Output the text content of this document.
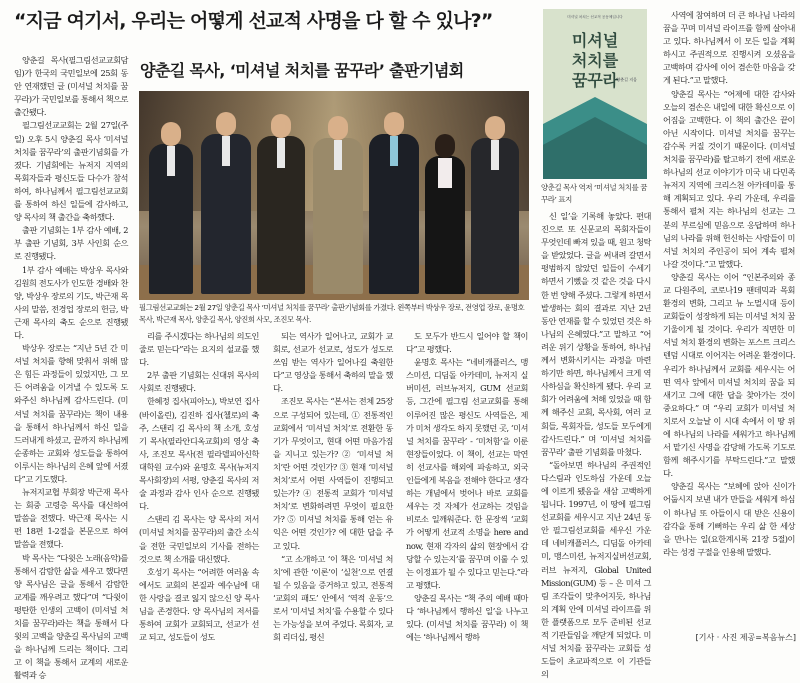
“지금 여기서, 우리는 어떻게 선교적 사명을 다 할 수 있나?”
양춘길 목사, ‘미셔널 처치를 꿈꾸라’ 출판기념회

양춘길 목사(필그림선교교회담임)가 한국의 국민일보에 25회 동안 연재했던 글 (미셔널 처치를 꿈꾸라)가 국민일보를 통해서 책으로 출간됐다.

필그림선교교회는 2월 27일(주일) 오후 5시 양춘길 목사 ‘미셔널 처치를 꿈꾸라’의 출판기념회를 가졌다. 기념회에는 뉴저지 지역의 목회자들과 평신도들 다수가 참석하여, 하나님께서 필그림선교교회를 통하여 하신 일들에 감사하고, 양 목사의 책 출간을 축하했다.

출판 기념회는 1부 감사 예배, 2부 출판 기념회, 3부 사인회 순으로 진행됐다.

1부 감사 예배는 박상우 목사와 김원희 전도사가 인도한 경배와 찬양, 박상우 장로의 기도, 박근재 목사의 말씀, 전경업 장로의 헌금, 박근재 목사의 축도 순으로 진행됐다.

박상우 장로는 “지난 5년 간 미셔널 처치를 향해 맞춰서 위해 많은 힘든 과정들이 있었지만, 그 모든 어려움을 이겨낼 수 있도록 도와주신 하나님께 감사드린다. (미셔널 처치를 꿈꾸라)는 책이 내용을 통해서 하나님께서 하신 일을 드러내게 하셨고, 끝까지 하나님께 순종하는 교회와 성도들을 통하여 이루시는 하나님의 은혜 앞에 서졌다”고 기도했다.

뉴저지교협 부회장 박근재 목사는 회중 고령층 목사를 대신하여 말씀을 전했다. 박근재 목사는 시편 18편 1-2절을 본문으로 하여 말씀을 전했다.

박 목사는 “다윗은 노래(음악)를 통해서 감람한 삶을 세우고 했다면 양 목사님은 글을 통해서 감람한 교계를 깨우려고 했다”며 “다윗이 평탄한 인생의 고백이 (미셔널 처치를 꿈꾸라)라는 책을 통해서 다윗의 고백을 양춘길 목사님의 고백을 하나님께 드리는 책이다. 그리고 이 책을 통해서 교계의 새로운 활력과 승

필그림선교교회는 2월 27일 양춘길 목사 ‘미셔널 처치를 꿈꾸라’ 출판기념회를 가졌다. 왼쪽부터 박상우 장로, 전영업 장로, 윤명호 목사, 박근재 목사, 양춘길 목사, 양진희 사모, 조진모 목사.

리를 주시겠다는 하나님의 의도인 줄로 믿는다”라는 요지의 설교를 했다.

2부 출판 기념회는 신대위 목사의 사회로 진행됐다.

한혜정 집사(피아노), 박보연 집사(바이올린), 김진하 집사(첼로)의 축주, 스탠리 김 목사의 책 소개, 호성기 목사(필라안디옥교회)의 영상 축사, 조진모 목사(전 필라델피아신학대학원 교수)와 윤명호 목사(뉴저지목사회장)의 서평, 양춘길 목사의 저술 과정과 감사 인사 순으로 진행됐다.

스탠리 김 목사는 양 목사의 저서 (미셔널 처치를 꿈꾸라)의 출간 소식을 전한 국민일보의 기사를 전하는 것으로 책 소개를 대신했다.

호성기 목사는 “어려한 여러움 속에서도 교회의 본질과 예수님에 대한 사랑을 결코 잃지 않으신 양 목사님을 존경한다. 양 목사님의 저서를 통하여 교회가 교회되고, 선교가 선교 되고, 성도들이 성도

되는 역사가 일어나고, 교회가 교회로, 선교가 선교로, 성도가 성도로 쓰임 받는 역사가 일어나길 축원한다”고 영상을 통해서 축하의 말을 했다.

조진모 목사는 “본서는 전체 25장으로 구성되어 있는데, ① 전통적인 교회에서 ‘미셔널 처치’로 전환한 동기가 무엇이고, 현대 어떤 마음가짐을 지니고 있는가? ② ‘미셔널 처치’란 어떤 것인가? ③ 현재 ‘미셔널 처치’로서 어떤 사역들이 진행되고 있는가? ④ 전통적 교회가 ‘미셔널 처치’로 변화하려면 무엇이 필요한가? ⑤ 미셔널 처치를 통해 얻는 유익은 어떤 것인가? 에 대한 답을 주고 있다.

“고 소개하고 ‘이 책은 ‘미셔널 처치’에 관한 ‘이론’이 ‘실천’으로 연결 될 수 있음을 증거하고 있고, 전통적 ‘교회의 패도’ 안에서 ‘역적 운동’으로서 ‘미셔널 처치’를 수용할 수 있다는 가능성을 보여 주었다. 목회자, 교회 리더십, 평신

도 모두가 반드시 일어야 할 책이다”고 평했다.

윤명호 목사는 “네비캐플러스, 맹스미션, 디딤돌 아카데미, 뉴저지 실버미션, 러브뉴저지, GUM 선교회 등, 그간에 필그림 선교교회를 통해 이루어진 많은 평신도 사역들은, 제가 미처 생각도 하지 못했던 곳, ‘미셔널 처치를 꿈꾸라’ - ‘미처함’을 이룬 현장들이었다. 이 책이, 선교는 막연히 선교사를 해외에 파송하고, 외국인들에게 복음을 전해야 한다고 생각하는 개념에서 벗어나 바로 교회를 세우는 것 자체가 선교하는 것임을 비로소 일깨워준다. 한 문장씩 ‘교회가 어떻게 선교적 소명을 here and now, 현재 각자의 삶의 현장에서 감당할 수 있는지’를 꿈꾸며 이룰 수 있는 이정표가 될 수 있다고 믿는다.”라고 평했다.

양춘길 목사는 “책 주의 예배 때마다 ‘하나님께서 행하신 일’을 나누고 있다. (미셔널 처치를 꿈꾸라) 이 책에는 ‘하나님께서 행하

미셔널 처치는 선교적 공동체입니다
미셔널
처치를
꿈꾸라
양춘길 지음
양춘길 목사 역저 ‘미셔널 처치를 꿈꾸라’ 표지

신 일’을 기록해 놓았다. 편대진으로 또 신문교의 목회자들이 무엇인데 빠져 있을 때, 원고 청탁을 받았었다. 글을 써내려 갈면서 평범하지 않았던 일들이 수세기 하면서 기뻤을 것 같은 것을 다시 한 번 양해 주셨다. 그렇게 하면서 발생하는 회의 결과로 지난 2년 동안 연재를 할 수 있었던 것은 하나님의 은혜였다.”고 말하고 “어려운 위기 상황을 통하여, 하나님께서 변화시키시는 과정을 마련하기만 하면, 하나님께서 크게 역사하심을 확신하게 됐다. 우리 교회가 어려움에 처해 있었을 때 함께 해주신 교회, 목사회, 여러 교회들, 목회자들, 성도들 모두에게 감사드린다.” 며 ‘미셔널 처치를 꿈꾸라’ 출판 기념회를 마쳤다.

“돌아보면 하나님의 주권적인 다스림과 인도하심 가운데 오늘에 이르게 됐음을 새삼 고백하게 됩니다. 1997년, 이 땅에 필그림선교회를 세우시고 지난 24년 동안 필그림선교회를 세우신 가운데 네비캐플러스, 디딤돌 아카데미, 맹스미션, 뉴저지실버선교회, 러브 뉴저지, Global United Mission(GUM) 등 – 은 미셔 그림 조각들이 맞추어지듯, 하나님의 계획 안에 미셔널 라이프를 위한 플랫폼으로 모두 준비된 선교적 기관들임을 깨닫게 되었다. 미셔널 처치를 꿈꾸라는 교회들 성도들이 초교파적으로 이 기관들의

사역에 참여하며 더 큰 하나님 나라의 꿈을 꾸며 미셔널 라이프를 함께 살아내고 있다. 하나님께서 이 모든 일을 계획하시고 주권적으로 진행시켜 오셨음을 고백하며 감사에 이어 겸손한 마음을 갖게 된다.”고 말했다.

양춘길 목사는 “어제에 대한 감사와 오늘의 겸손은 내일에 대한 확신으로 이어짐을 고백한다. 이 책의 출간은 끝이 아닌 시작이다. 미셔널 처치를 꿈꾸는 감수록 커질 것이기 때문이다. (미셔널 처치를 꿈꾸라)를 탈고하기 전에 새로운 하나님의 선교 이야기가 미국 내 다민족 뉴저지 지역에 크리스천 아카데미를 통해 계획되고 있다. 우리 가운데, 우리를 통해서 펼쳐 지는 하나님의 선교는 그 분의 부르심에 믿음으로 응답하며 하나님의 나라를 위해 헌신하는 사람들이 미셔널 처치의 주인공이 되어 계속 펼쳐 나갈 것이다.”고 말했다.

양춘길 목사는 이어 “인본주의와 종교 다원주의, 코로나19 팬데믹과 목회 환경의 변화, 그리고 뉴 노멀시대 등이 교회들이 성장하게 되는 미셔널 처치 꿈 기울이게 될 것이다. 우리가 직면한 미셔널 처치 환경의 변화는 포스트 크리스텐덤 시대로 이어지는 어려운 환경이다. 우리가 하나님께서 교회를 세우시는 어떤 역사 앞에서 미셔널 처치의 꿈을 되새기고 그에 대한 답을 찾아가는 것이 중요하다.” 며 “우리 교회가 미셔널 처치로서 오늘날 이 시대 속에서 이 땅 위에 하나님의 나라를 세워가고 하나님께서 맡기신 사명을 감당해 가도록 기도로 함께 해주시기를 부탁드린다.”고 말했다.

양춘길 목사는 “보혜에 앉아 신이가 어둡시지 보낸 내가 만들을 세워게 하심이 하나님 또 아들이시 대 받은 신용이 감각을 통해 기뻐하는 우리 삶 한 세상을 만나는 일(요한계시록 21장 5절)이라는 성경 구절을 인용해 말했다.

[기사 · 사진 제공=복음뉴스]
